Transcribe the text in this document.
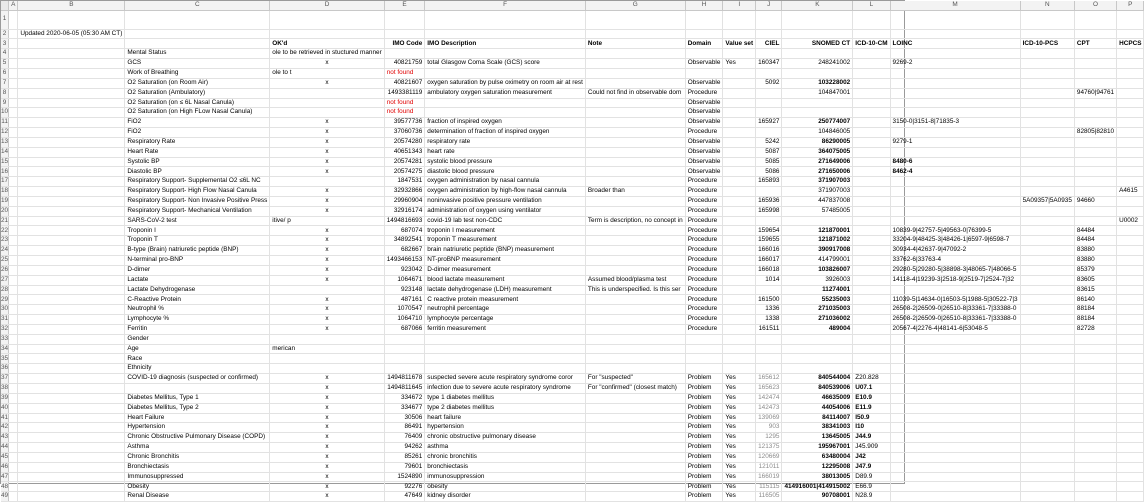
	A	B	C	D	E	F	G	H	I	J	K	L	M	N	O	P
1																
2		Updated 2020-06-05 (05:30 AM CT)														
3				OK'd	IMO Code	IMO Description	Note	Domain	Value set	CIEL	SNOMED CT	ICD-10-CM	LOINC	ICD-10-PCS	CPT	HCPCS
4			Mental Status	ole to be retrieved in stuctured manner												
5			GCS	x	40821759	total Glasgow Coma Scale (GCS) score		Observable	Yes	160347	248241002		9269-2			
6			Work of Breathing	ole to t	not found											
7			O2 Saturation (on Room Air)	x	40821607	oxygen saturation by pulse oximetry on room air at rest		Observable		5092	103228002					
8			O2 Saturation (Ambulatory)		1493381119	ambulatory oxygen saturation measurement	Could not find in observable dom	Procedure			104847001				94760|94761	
9			O2 Saturation (on ≤ 6L Nasal Canula)		not found			Observable								
10			O2 Saturation (on High FLow Nasal Canula)		not found			Observable								
11			FiO2	x	39577736	fraction of inspired oxygen		Observable		165927	250774007		3150-0|3151-8|71835-3			
12			FiO2	x	37060736	determination of fraction of inspired oxygen		Procedure			104846005				82805|82810	
13			Respiratory Rate	x	20574280	respiratory rate		Observable		5242	86290005		9279-1			
14			Heart Rate	x	40651343	heart rate		Observable		5087	364075005					
15			Systolic BP	x	20574281	systolic blood pressure		Observable		5085	271649006		8480-6			
16			Diastolic BP	x	20574275	diastolic blood pressure		Observable		5086	271650006		8462-4			
17			Respiratory Support- Supplemental O2 ≤6L NC		1847531	oxygen administration by nasal cannula		Procedure		165893	371907003					
18			Respiratory Support- High Flow Nasal Canula	x	32932866	oxygen administration by high-flow nasal cannula	Broader than	Procedure			371907003					A4615
19			Respiratory Support- Non Invasive Positive Press	x	29960904	noninvasive positive pressure ventilation		Procedure		165936	447837008			5A09357|5A0935	94660	
20			Respiratory Support- Mechanical Ventilation	x	32916174	administration of oxygen using ventilator		Procedure		165998	57485005					
21			SARS-CoV-2 test	itive/ p	1494816693	covid-19 lab test non-CDC	Term is description, no concept in	Procedure								U0002
22			Troponin I	x	687074	troponin I measurement		Procedure		159654	121870001		10839-9|42757-5|49563-0|76399-5		84484	
23			Troponin T	x	34892541	troponin T measurement		Procedure		159655	121871002		33204-9|48425-3|48426-1|6597-9|6598-7		84484	
24			B-type (Brain) natriuretic peptide (BNP)	x	682667	brain natriuretic peptide (BNP) measurement		Procedure		166016	390917008		30934-4|42637-9|47092-2		83880	
25			N-terminal pro-BNP	x	1493466153	NT-proBNP measurement		Procedure		166017	414799001		33762-6|33763-4		83880	
26			D-dimer	x	923042	D-dimer measurement		Procedure		166018	103826007		29280-5|29280-5|38898-3|48065-7|48066-5		85379	
27			Lactate	x	1064671	blood lactate measurement	Assumed blood/plasma test	Procedure		1014	3926003		14118-4|19239-3|2518-9|2519-7|2524-7|32		83605	
28			Lactate Dehydrogenase		923148	lactate dehydrogenase (LDH) measurement	This is underspecified. Is this ser	Procedure			11274001				83615	
29			C-Reactive Protein	x	487161	C reactive protein measurement		Procedure		161500	55235003		11039-5|14634-0|16503-5|1988-5|30522-7|3		86140	
30			Neutrophil %	x	1070547	neutrophil percentage		Procedure		1336	271035003		26508-2|26509-0|26510-8|33361-7|33388-0		88184	
31			Lymphocyte %	x	1064710	lymphocyte percentage		Procedure		1338	271036002		26508-2|26509-0|26510-8|33361-7|33388-0		88184	
32			Ferritin	x	687066	ferritin measurement		Procedure		161511	489004		20567-4|2276-4|48141-6|53048-5		82728	
33			Gender													
34			Age	merican												
35			Race													
36			Ethnicity													
37			COVID-19 diagnosis (suspected or confirmed)	x	1494811678	suspected severe acute respiratory syndrome coror	For "suspected"	Problem	Yes	165612	840544004	Z20.828				
38				x	1494811645	infection due to severe acute respiratory syndrome	For "confirmed" (closest match)	Problem	Yes	165623	840539006	U07.1				
39			Diabetes Mellitus, Type 1	x	334672	type 1 diabetes mellitus		Problem	Yes	142474	46635009	E10.9				
40			Diabetes Mellitus, Type 2	x	334677	type 2 diabetes mellitus		Problem	Yes	142473	44054006	E11.9				
41			Heart Failure	x	30506	heart failure		Problem	Yes	139069	84114007	I50.9				
42			Hypertension	x	86491	hypertension		Problem	Yes	903	38341003	I10				
43			Chronic Obstructive Pulmonary Disease (COPD)	x	76409	chronic obstructive pulmonary disease		Problem	Yes	1295	13645005	J44.9				
44			Asthma	x	94262	asthma		Problem	Yes	121375	195967001	J45.909				
45			Chronic Bronchitis	x	85261	chronic bronchitis		Problem	Yes	120669	63480004	J42				
46			Bronchiectasis	x	79601	bronchiectasis		Problem	Yes	121011	12295008	J47.9				
47			Immunosuppressed	x	1524890	immunosuppression		Problem	Yes	166019	38013005	D89.9				
48			Obesity	x	92276	obesity		Problem	Yes	115115	414916001|414915002	E66.9				
49			Renal Disease	x	47649	kidney disorder		Problem	Yes	116505	90708001	N28.9				
